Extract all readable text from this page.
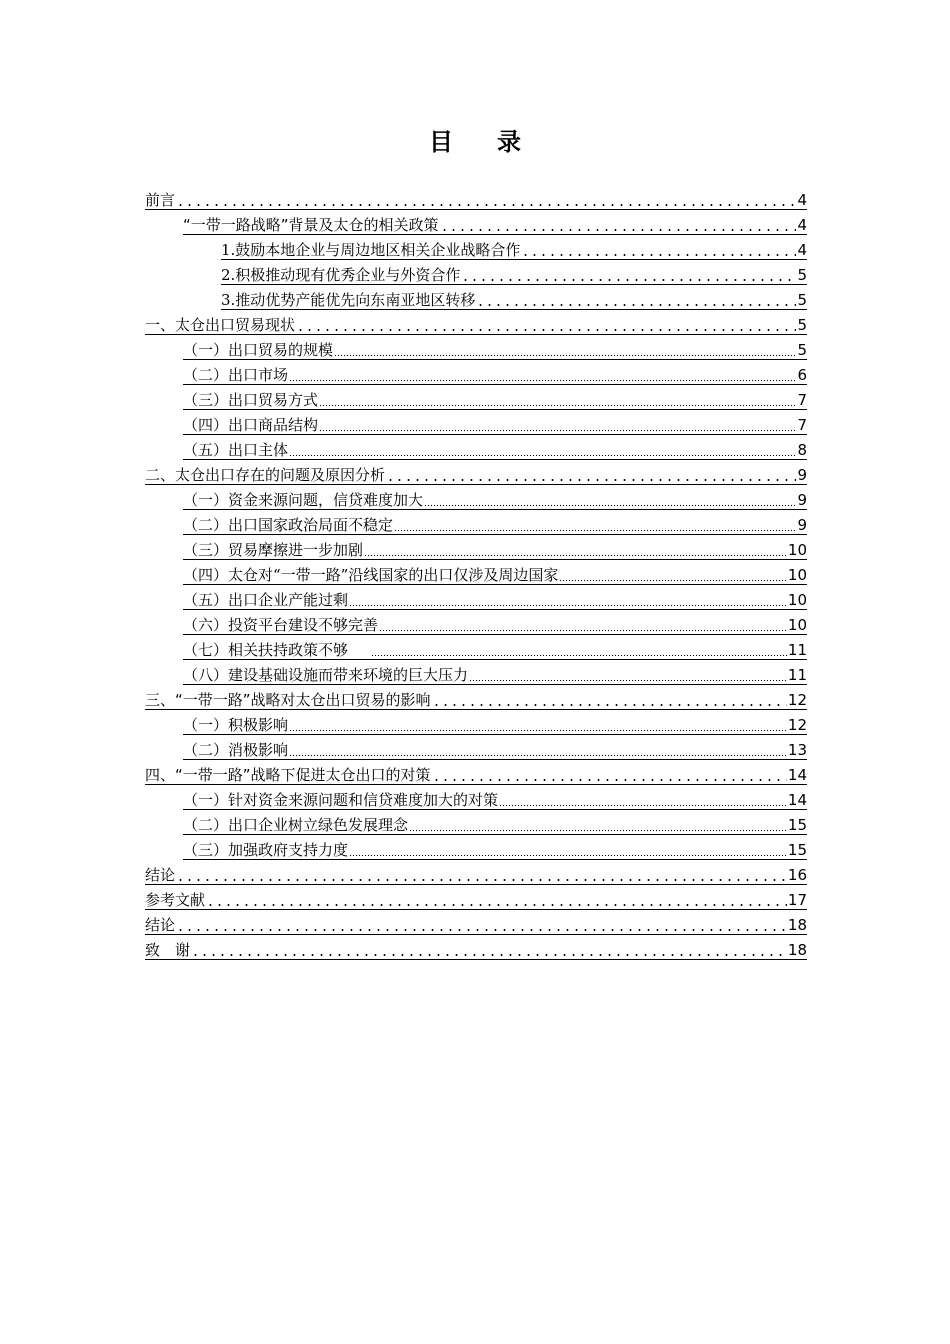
目 录
前言	4
“一带一路战略”背景及太仓的相关政策	4
1.鼓励本地企业与周边地区相关企业战略合作	4
2.积极推动现有优秀企业与外资合作	5
3.推动优势产能优先向东南亚地区转移	5
一、太仓出口贸易现状	5
（一）出口贸易的规模	5
（二）出口市场	6
（三）出口贸易方式	7
（四）出口商品结构	7
（五）出口主体	8
二、太仓出口存在的问题及原因分析	9
（一）资金来源问题，信贷难度加大	9
（二）出口国家政治局面不稳定	9
（三）贸易摩擦进一步加剧	10
（四）太仓对“一带一路”沿线国家的出口仅涉及周边国家	10
（五）出口企业产能过剩	10
（六）投资平台建设不够完善	10
（七）相关扶持政策不够	11
（八）建设基础设施而带来环境的巨大压力	11
三、“一带一路”战略对太仓出口贸易的影响	12
（一）积极影响	12
（二）消极影响	13
四、“一带一路”战略下促进太仓出口的对策	14
（一）针对资金来源问题和信贷难度加大的对策	14
（二）出口企业树立绿色发展理念	15
（三）加强政府支持力度	15
结论	16
参考文献	17
结论	18
致　谢	18
